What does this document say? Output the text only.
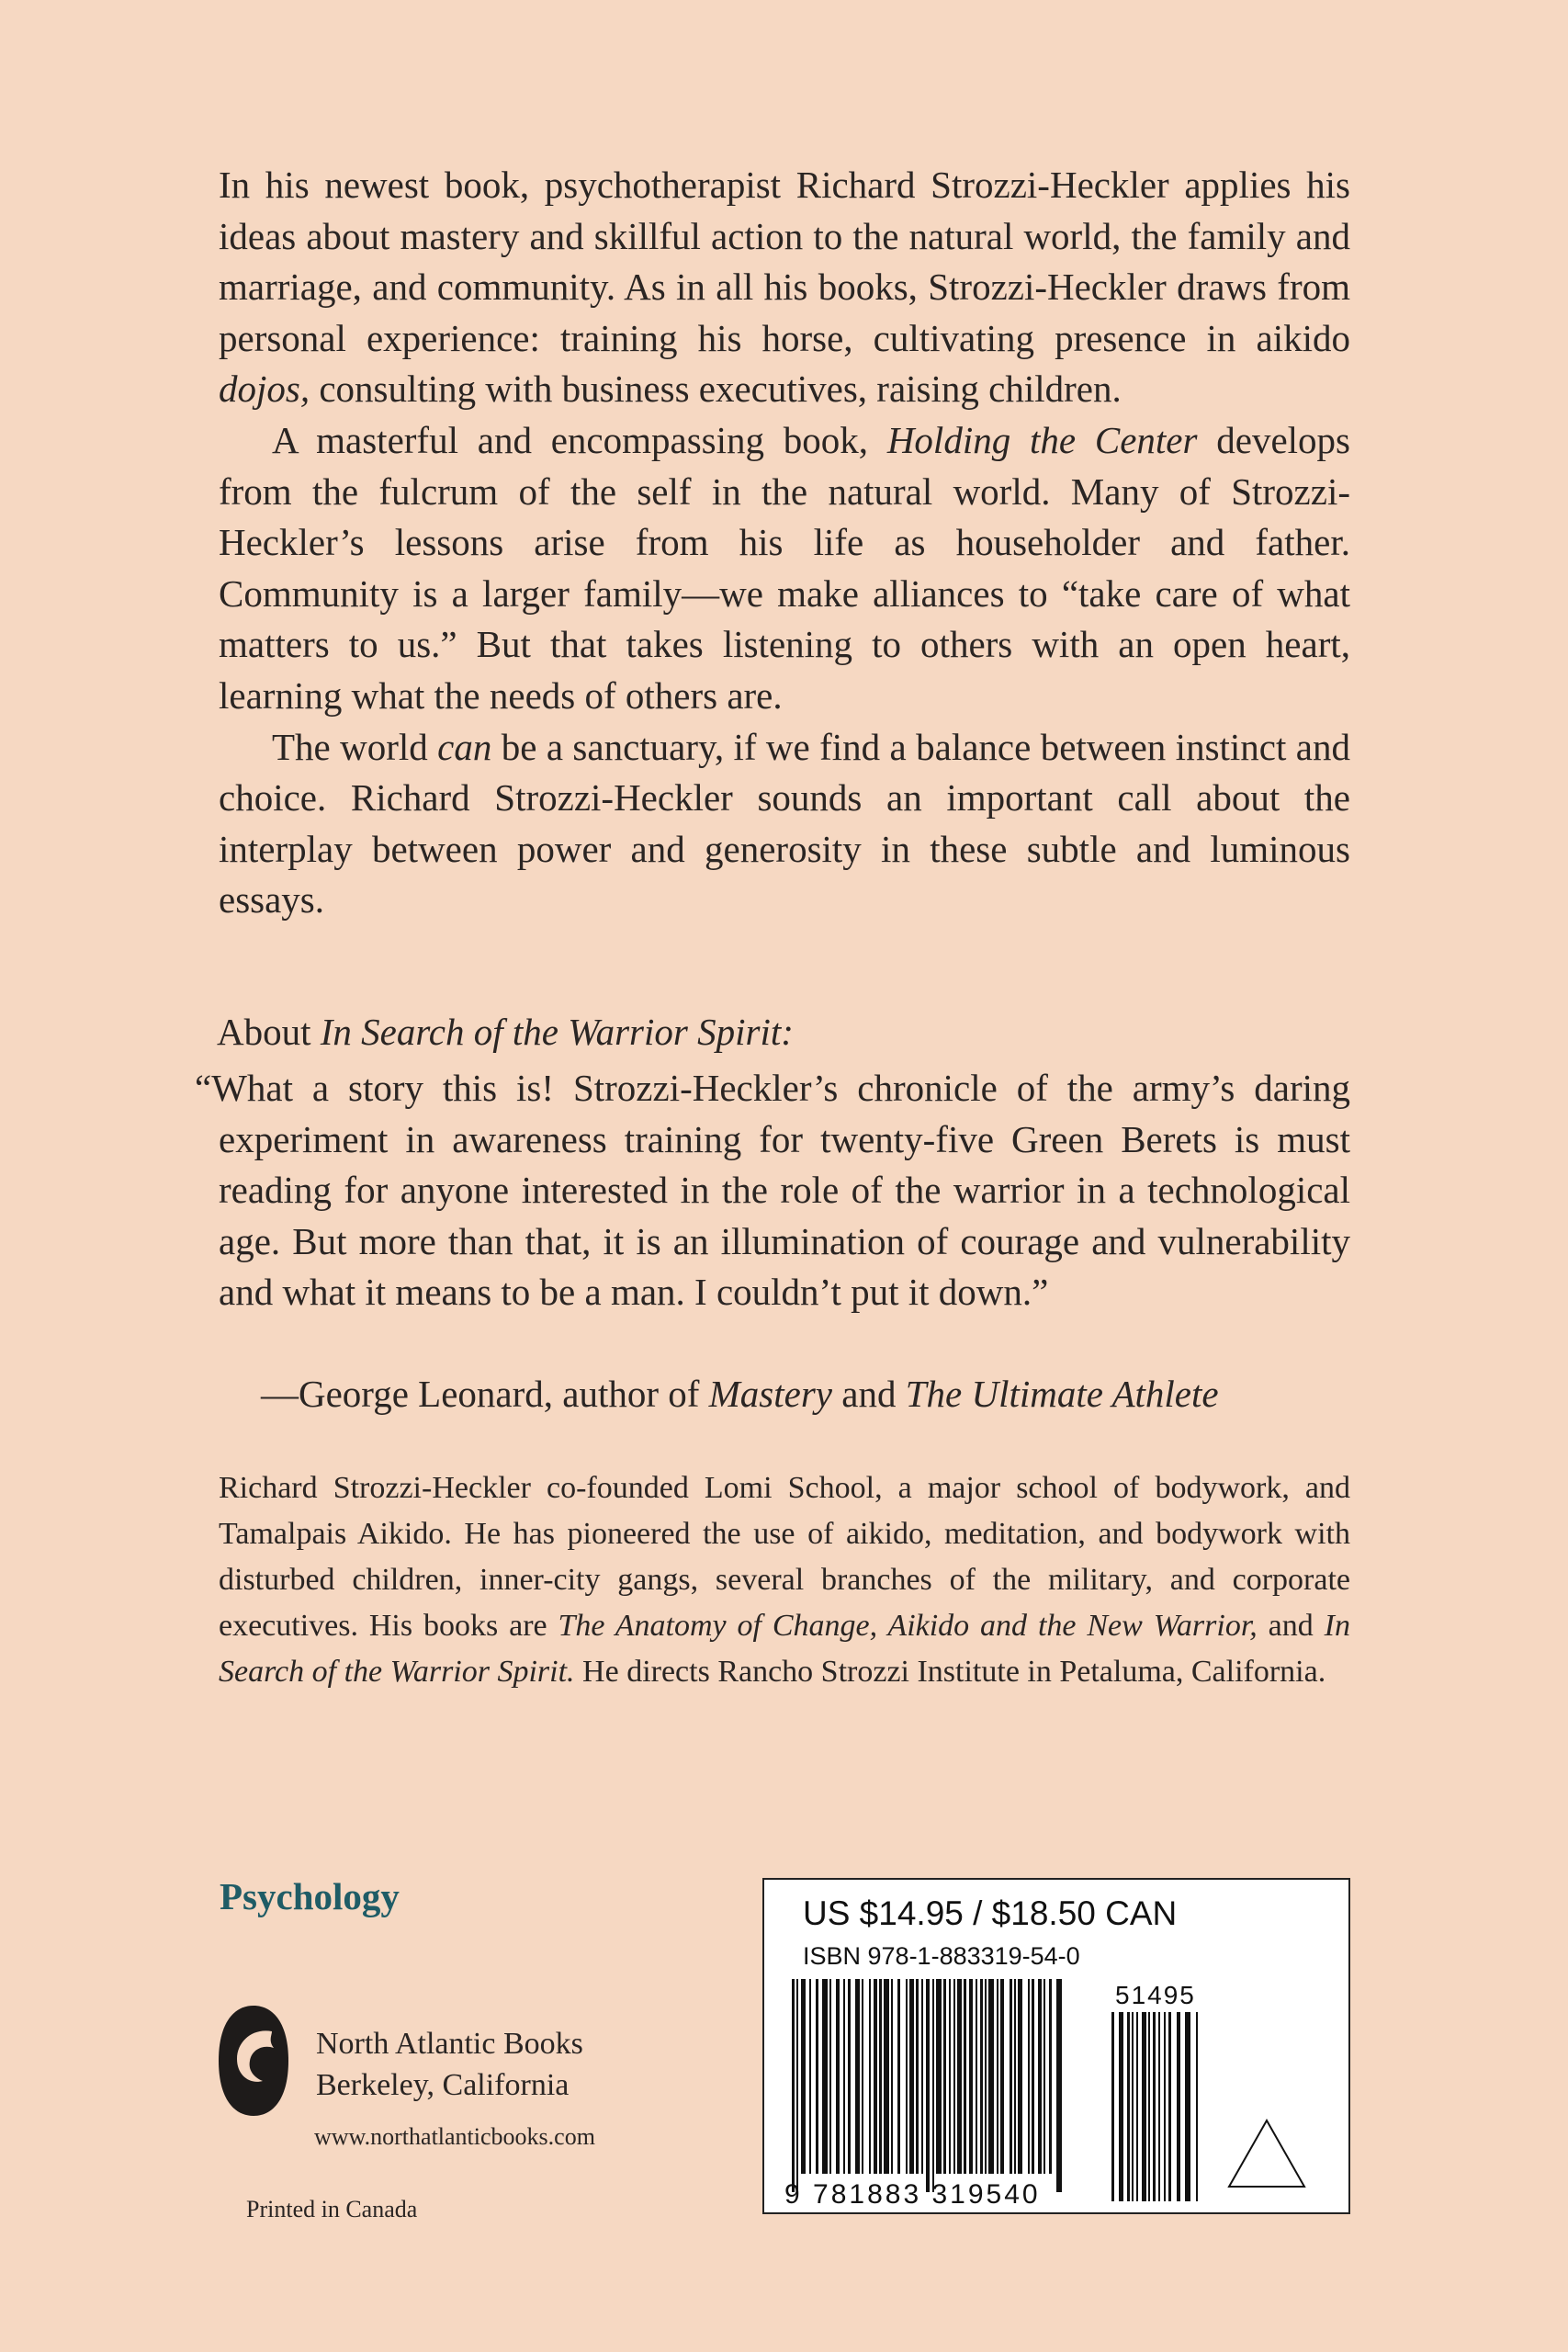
In his newest book, psychotherapist Richard Strozzi-Heckler applies his ideas about mastery and skillful action to the natural world, the family and marriage, and community. As in all his books, Strozzi-Heckler draws from personal experience: training his horse, cultivating presence in aikido dojos, consulting with business executives, raising children.

A masterful and encompassing book, Holding the Center develops from the fulcrum of the self in the natural world. Many of Strozzi-Heckler’s lessons arise from his life as householder and father. Community is a larger family—we make alliances to “take care of what matters to us.” But that takes listening to others with an open heart, learning what the needs of others are.

The world can be a sanctuary, if we find a balance between instinct and choice. Richard Strozzi-Heckler sounds an important call about the interplay between power and generosity in these subtle and luminous essays.

About In Search of the Warrior Spirit:

“What a story this is! Strozzi-Heckler’s chronicle of the army’s daring experiment in awareness training for twenty-five Green Berets is must reading for anyone interested in the role of the warrior in a technological age. But more than that, it is an illumination of courage and vulnerability and what it means to be a man. I couldn’t put it down.”

—George Leonard, author of Mastery and The Ultimate Athlete

Richard Strozzi-Heckler co-founded Lomi School, a major school of bodywork, and Tamalpais Aikido. He has pioneered the use of aikido, meditation, and bodywork with disturbed children, inner-city gangs, several branches of the military, and corporate executives. His books are The Anatomy of Change, Aikido and the New Warrior, and In Search of the Warrior Spirit. He directs Rancho Strozzi Institute in Petaluma, California.

Psychology

North Atlantic Books
Berkeley, California

www.northatlanticbooks.com

Printed in Canada

US $14.95 / $18.50 CAN

ISBN 978-1-883319-54-0

51495

9 781883 319540
